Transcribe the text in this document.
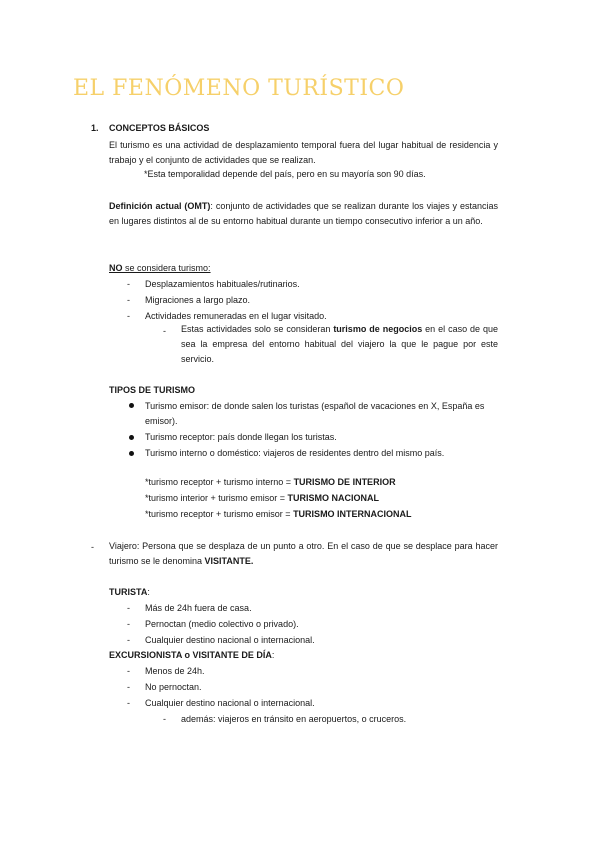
EL FENÓMENO TURÍSTICO
1. CONCEPTOS BÁSICOS
El turismo es una actividad de desplazamiento temporal fuera del lugar habitual de residencia y trabajo y el conjunto de actividades que se realizan.
*Esta temporalidad depende del país, pero en su mayoría son 90 días.
Definición actual (OMT): conjunto de actividades que se realizan durante los viajes y estancias en lugares distintos al de su entorno habitual durante un tiempo consecutivo inferior a un año.
NO se considera turismo:
- Desplazamientos habituales/rutinarios.
- Migraciones a largo plazo.
- Actividades remuneradas en el lugar visitado.
- Estas actividades solo se consideran turismo de negocios en el caso de que sea la empresa del entorno habitual del viajero la que le pague por este servicio.
TIPOS DE TURISMO
Turismo emisor: de donde salen los turistas (español de vacaciones en X, España es emisor).
Turismo receptor: país donde llegan los turistas.
Turismo interno o doméstico: viajeros de residentes dentro del mismo país.
*turismo receptor + turismo interno = TURISMO DE INTERIOR
*turismo interior + turismo emisor = TURISMO NACIONAL
*turismo receptor + turismo emisor = TURISMO INTERNACIONAL
- Viajero: Persona que se desplaza de un punto a otro. En el caso de que se desplace para hacer turismo se le denomina VISITANTE.
TURISTA:
- Más de 24h fuera de casa.
- Pernoctan (medio colectivo o privado).
- Cualquier destino nacional o internacional.
EXCURSIONISTA o VISITANTE DE DÍA:
- Menos de 24h.
- No pernoctan.
- Cualquier destino nacional o internacional.
- además: viajeros en tránsito en aeropuertos, o cruceros.
